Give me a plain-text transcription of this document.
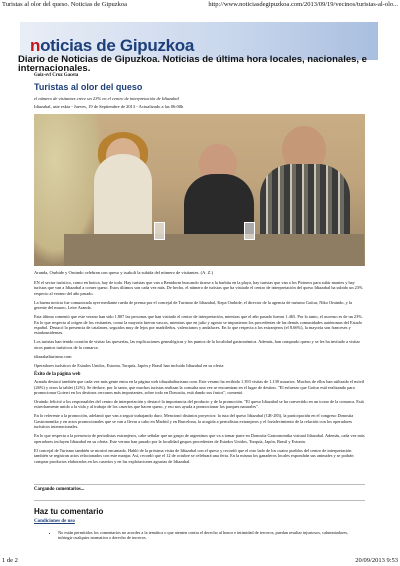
Turistas al olor del queso. Noticias de Gipuzkoa	http://www.noticiasdegipuzkoa.com/2013/09/19/vecinos/turistas-al-olo...
noticias de Gipuzkoa
Diario de Noticias de Gipuzkoa. Noticias de última hora locales, nacionales, e internacionales.
Goiz-svf Cruz Gaceta
Turistas al olor del queso
el número de visitantes crece un 23% en el centro de interpretación de Idiazabal
Idiazabal, aste eskia - Jueves, 19 de Septiembre de 2013 - Actualizado a las 06:00h
Aranda, Oarbide y Oruindo celebran con queso y txakoli la subida del número de visitantes. (A. Z.)

EN el sector turístico, como en botica, hay de todo. Hay turistas que van a Benidorm buscando tirarse a la barbita en la playa, hay turistas que van a los Pirineos para subir montes y hay turistas que van a Idiazabal a comer queso. Estos últimos son cada vez más. De hecho, el número de turistas que ha visitado el centro de interpretación del queso Idiazabal ha subido un 23% respecto al verano del año pasado.

La buena noticia fue comunicada ayer mediante rueda de prensa por el concejal de Turismo de Idiazabal, Kepa Oarbide, el director de la agencia de turismo Goitur, Niko Oruindo, y la gerente del museo, Leire Aranda.

Esta última comentó que este verano han sido 1.807 las personas que han visitado el centro de interpretación, mientras que el año pasado fueron 1.465. Por lo tanto, el ascenso es de un 23%. En lo que respecta al origen de los visitantes, como la mayoría fueron vascos, mientras que en julio y agosto se impusieron los procedentes de las demás comunidades autónomas del Estado español. Destacó la presencia de catalanes, seguidos muy de lejos por madrileños, valencianos y andaluces. En lo que respecta a los extranjeros (el 8,66%), la mayoría son franceses y estadounidenses.

Los turistas han tenido ocasión de visitar las queserías, las explicaciones genealógicas y los puntos de la localidad gastronómica. Además, han comprado queso y se les ha invitado a visitar otros puntos turísticos de la comarca.

idiazabalturismo.com

Operadores turísticos de Estados Unidos, Estonia, Turquía, Japón y Brasil han incluido Idiazabal en su oferta

Éxito de la página web

Aranda destacó también que cada vez más gente entra en la página web idiazabalturismo.com. Este verano ha recibido 1.393 visitas de 1.139 usuarios. Muchos de ellos han utilizado el móvil (26%) y otros la tablet (12%). Se deduce, por lo tanto, que muchos turistas realizan la consulta una vez se encuentran en el lugar de destino. "El esfuerzo que Goitur está realizando para promocionar Goierri en los destinos cercanos más importantes, sobre todo en Donostia, está dando sus frutos", comentó.

Oruindo felicitó a los responsables del centro de interpretación y destacó la importancia del producto y de la promoción. "El queso Idiazabal se ha convertido en un icono de la comarca. Está estrechamente unido a la vida y al trabajo de los caseríos que hacen queso, y eso nos ayuda a promocionar los parques naturales".

En lo referente a la promoción, adelantó que van a seguir trabajando duro. Mencionó distintos proyectos: la ruta del queso Idiazabal (GR-283), la participación en el congreso Donostia Gastronomika y en actos promocionales que se van a llevar a cabo en Madrid y en Barcelona, la acogida a periodistas extranjeros y el fortalecimiento de la relación con los operadores turísticos internacionales.

En lo que respecta a la presencia de periodistas extranjeros, cabe señalar que un grupo de argentinos que va a tomar parte en Donostia Gastronomika visitará Idiazabal. Además, cada vez más operadores incluyen Idiazabal en su oferta. Este verano han pasado por la localidad grupos procedentes de Estados Unidos, Turquía, Japón, Brasil y Estonia.

El concejal de Turismo también se mostró encantado. Habló de la próxima visita de Idiazabal con el queso y recordó que el otro lado de los cuatro pueblos del centro de interpretación también se registran actos relacionados con este manjar. Así, recordó que el 12 de octubre se celebrará una feria. En la misma los ganaderos locales expondrán sus animales y se podrán comprar productos elaborados en los caseríos y en las explotaciones agrarias de Idiazabal.

Cargando comentarios...
Haz tu comentario
Condiciones de uso
• No están permitidos los comentarios no acordes a la temática o que atenten contra el derecho al honor e intimidad de terceros, puedan resultar injuriosos, calumniadores, infringir cualquier normativa o derecho de terceros.
1 de 2	20/09/2013 9:53
